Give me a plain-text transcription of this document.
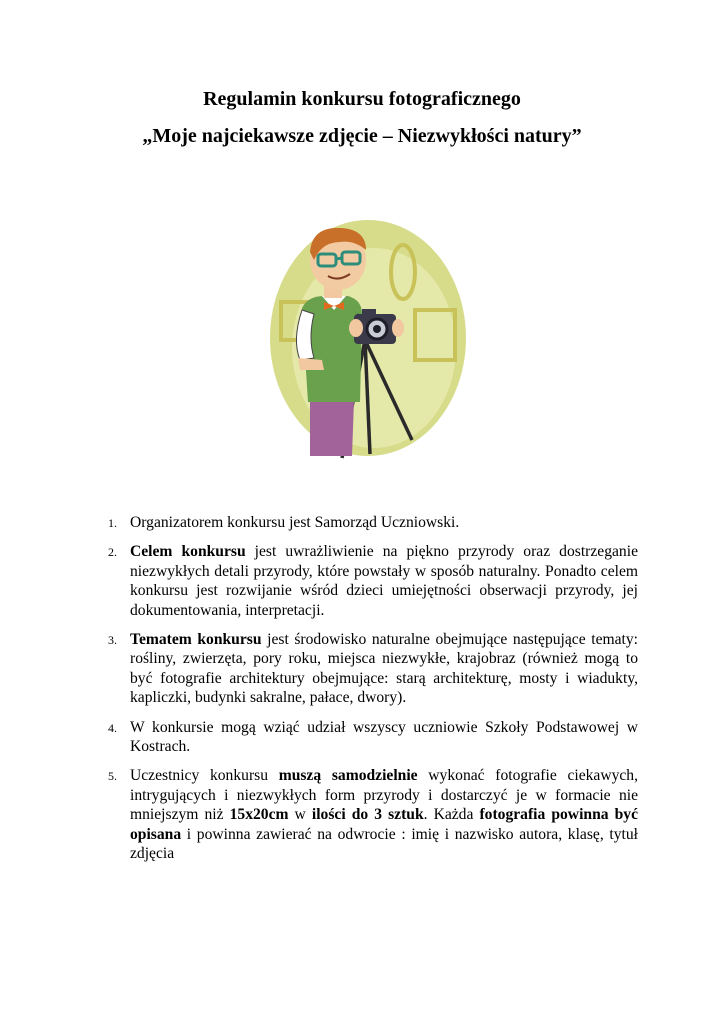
Regulamin konkursu fotograficznego
„Moje najciekawsze zdjęcie – Niezwykłości natury”
1. Organizatorem konkursu jest Samorząd Uczniowski.
2. Celem konkursu jest uwrażliwienie na piękno przyrody oraz dostrzeganie niezwykłych detali przyrody, które powstały w sposób naturalny. Ponadto celem konkursu jest rozwijanie wśród dzieci umiejętności obserwacji przyrody, jej dokumentowania, interpretacji.
3. Tematem konkursu jest środowisko naturalne obejmujące następujące tematy: rośliny, zwierzęta, pory roku, miejsca niezwykłe, krajobraz (również mogą to być fotografie architektury obejmujące: starą architekturę, mosty i wiadukty, kapliczki, budynki sakralne, pałace, dwory).
4. W konkursie mogą wziąć udział wszyscy uczniowie Szkoły Podstawowej w Kostrach.
5. Uczestnicy konkursu muszą samodzielnie wykonać fotografie ciekawych, intrygujących i niezwykłych form przyrody i dostarczyć je w formacie nie mniejszym niż 15x20cm w ilości do 3 sztuk. Każda fotografia powinna być opisana i powinna zawierać na odwrocie : imię i nazwisko autora, klasę, tytuł zdjęcia
